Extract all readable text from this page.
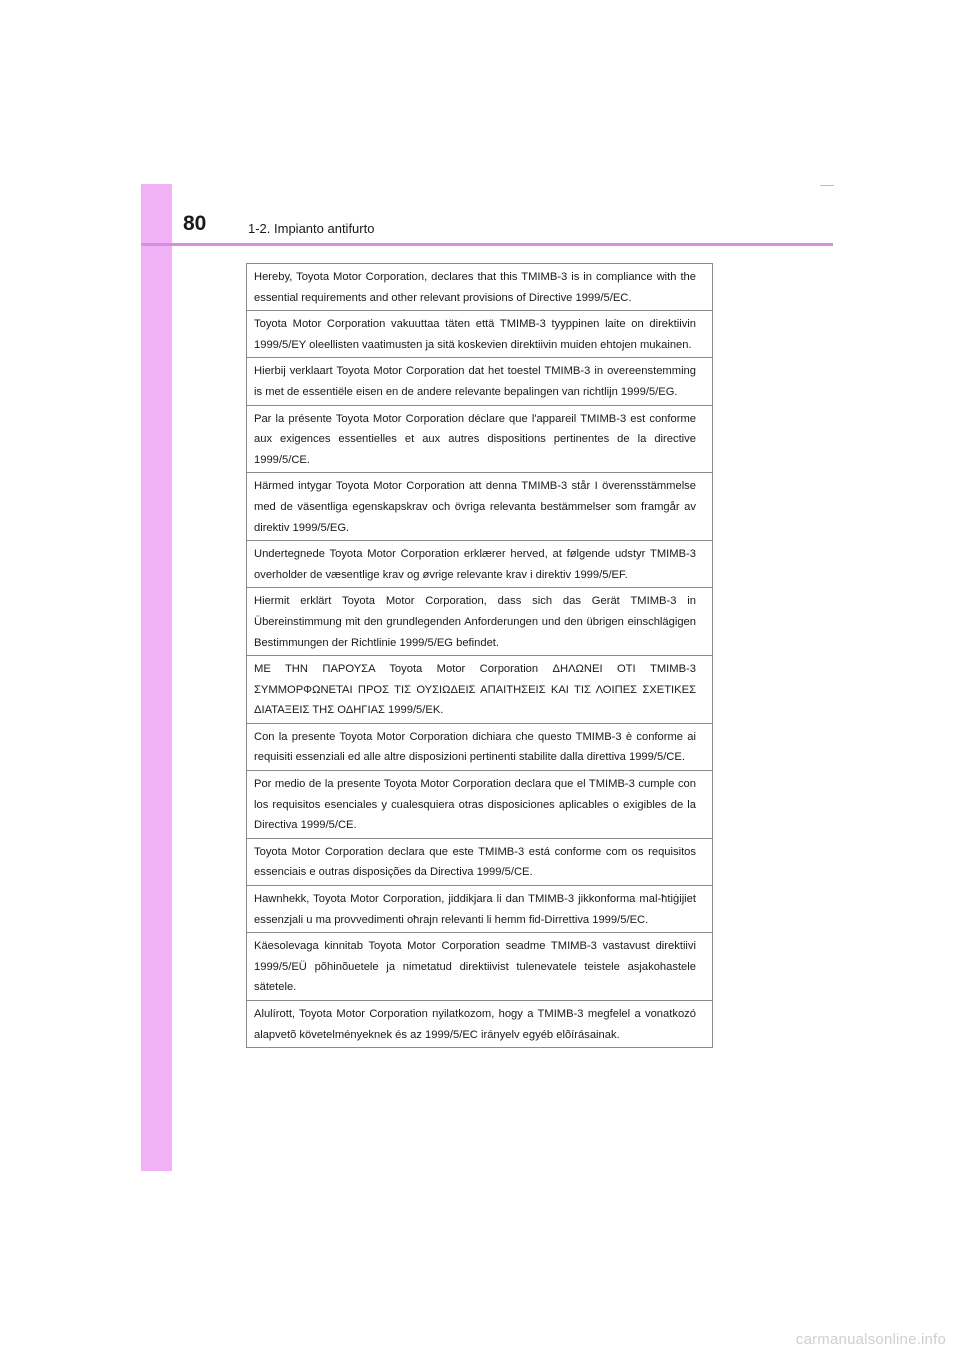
80	1-2. Impianto antifurto
Hereby, Toyota Motor Corporation, declares that this TMIMB-3 is in compliance with the essential requirements and other relevant provisions of Directive 1999/5/EC.
Toyota Motor Corporation vakuuttaa täten että TMIMB-3 tyyppinen laite on direktiivin 1999/5/EY oleellisten vaatimusten ja sitä koskevien direktiivin muiden ehtojen mukainen.
Hierbij verklaart Toyota Motor Corporation dat het toestel TMIMB-3 in overeenstemming is met de essentiële eisen en de andere relevante bepalingen van richtlijn 1999/5/EG.
Par la présente Toyota Motor Corporation déclare que l'appareil TMIMB-3 est conforme aux exigences essentielles et aux autres dispositions pertinentes de la directive 1999/5/CE.
Härmed intygar Toyota Motor Corporation att denna TMIMB-3 står I överensstämmelse med de väsentliga egenskapskrav och övriga relevanta bestämmelser som framgår av direktiv 1999/5/EG.
Undertegnede Toyota Motor Corporation erklærer herved, at følgende udstyr TMIMB-3 overholder de væsentlige krav og øvrige relevante krav i direktiv 1999/5/EF.
Hiermit erklärt Toyota Motor Corporation, dass sich das Gerät TMIMB-3 in Übereinstimmung mit den grundlegenden Anforderungen und den übrigen einschlägigen Bestimmungen der Richtlinie 1999/5/EG befindet.
ΜΕ ΤΗΝ ΠΑΡΟΥΣΑ Toyota Motor Corporation ΔΗΛΩΝΕΙ ΟΤΙ TMIMB-3 ΣΥΜΜΟΡΦΩΝΕΤΑΙ ΠΡΟΣ ΤΙΣ ΟΥΣΙΩΔΕΙΣ ΑΠΑΙΤΗΣΕΙΣ ΚΑΙ ΤΙΣ ΛΟΙΠΕΣ ΣΧΕΤΙΚΕΣ ΔΙΑΤΑΞΕΙΣ ΤΗΣ ΟΔΗΓΙΑΣ 1999/5/ΕΚ.
Con la presente Toyota Motor Corporation dichiara che questo TMIMB-3 è conforme ai requisiti essenziali ed alle altre disposizioni pertinenti stabilite dalla direttiva 1999/5/CE.
Por medio de la presente Toyota Motor Corporation declara que el TMIMB-3 cumple con los requisitos esenciales y cualesquiera otras disposiciones aplicables o exigibles de la Directiva 1999/5/CE.
Toyota Motor Corporation declara que este TMIMB-3 está conforme com os requisitos essenciais e outras disposições da Directiva 1999/5/CE.
Hawnhekk, Toyota Motor Corporation, jiddikjara li dan TMIMB-3 jikkonforma mal-ħtiġijiet essenzjali u ma provvedimenti oħrajn relevanti li hemm fid-Dirrettiva 1999/5/EC.
Käesolevaga kinnitab Toyota Motor Corporation seadme TMIMB-3 vastavust direktiivi 1999/5/EÜ põhinõuetele ja nimetatud direktiivist tulenevatele teistele asjakohastele sätetele.
Alulírott, Toyota Motor Corporation nyilatkozom, hogy a TMIMB-3 megfelel a vonatkozó alapvetõ követelményeknek és az 1999/5/EC irányelv egyéb elõírásainak.
carmanualsonline.info
